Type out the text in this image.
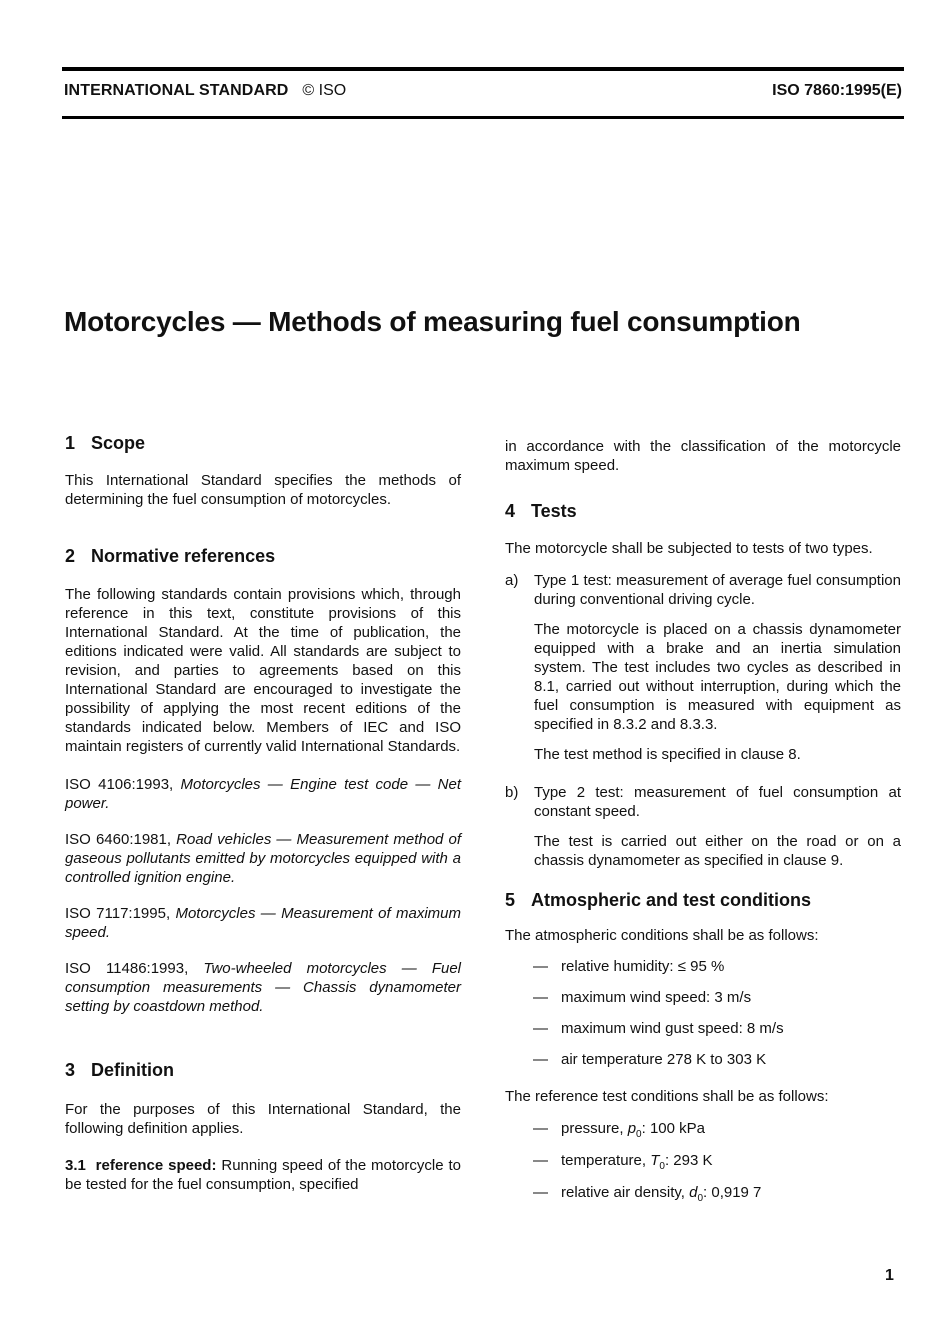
INTERNATIONAL STANDARD © ISO	ISO 7860:1995(E)
Motorcycles — Methods of measuring fuel consumption
1 Scope

This International Standard specifies the methods of determining the fuel consumption of motorcycles.

2 Normative references

The following standards contain provisions which, through reference in this text, constitute provisions of this International Standard. At the time of publication, the editions indicated were valid. All standards are subject to revision, and parties to agreements based on this International Standard are encouraged to investigate the possibility of applying the most recent editions of the standards indicated below. Members of IEC and ISO maintain registers of currently valid International Standards.

ISO 4106:1993, Motorcycles — Engine test code — Net power.

ISO 6460:1981, Road vehicles — Measurement method of gaseous pollutants emitted by motorcycles equipped with a controlled ignition engine.

ISO 7117:1995, Motorcycles — Measurement of maximum speed.

ISO 11486:1993, Two-wheeled motorcycles — Fuel consumption measurements — Chassis dynamometer setting by coastdown method.

3 Definition

For the purposes of this International Standard, the following definition applies.

3.1 reference speed: Running speed of the motorcycle to be tested for the fuel consumption, specified

in accordance with the classification of the motorcycle maximum speed.

4 Tests

The motorcycle shall be subjected to tests of two types.

a) Type 1 test: measurement of average fuel consumption during conventional driving cycle.

The motorcycle is placed on a chassis dynamometer equipped with a brake and an inertia simulation system. The test includes two cycles as described in 8.1, carried out without interruption, during which the fuel consumption is measured with equipment as specified in 8.3.2 and 8.3.3.

The test method is specified in clause 8.

b) Type 2 test: measurement of fuel consumption at constant speed.

The test is carried out either on the road or on a chassis dynamometer as specified in clause 9.

5 Atmospheric and test conditions

The atmospheric conditions shall be as follows:

— relative humidity: ≤ 95 %
— maximum wind speed: 3 m/s
— maximum wind gust speed: 8 m/s
— air temperature 278 K to 303 K

The reference test conditions shall be as follows:

— pressure, $p_0$: 100 kPa
— temperature, $T_0$: 293 K
— relative air density, $d_0$: 0,919 7
1
